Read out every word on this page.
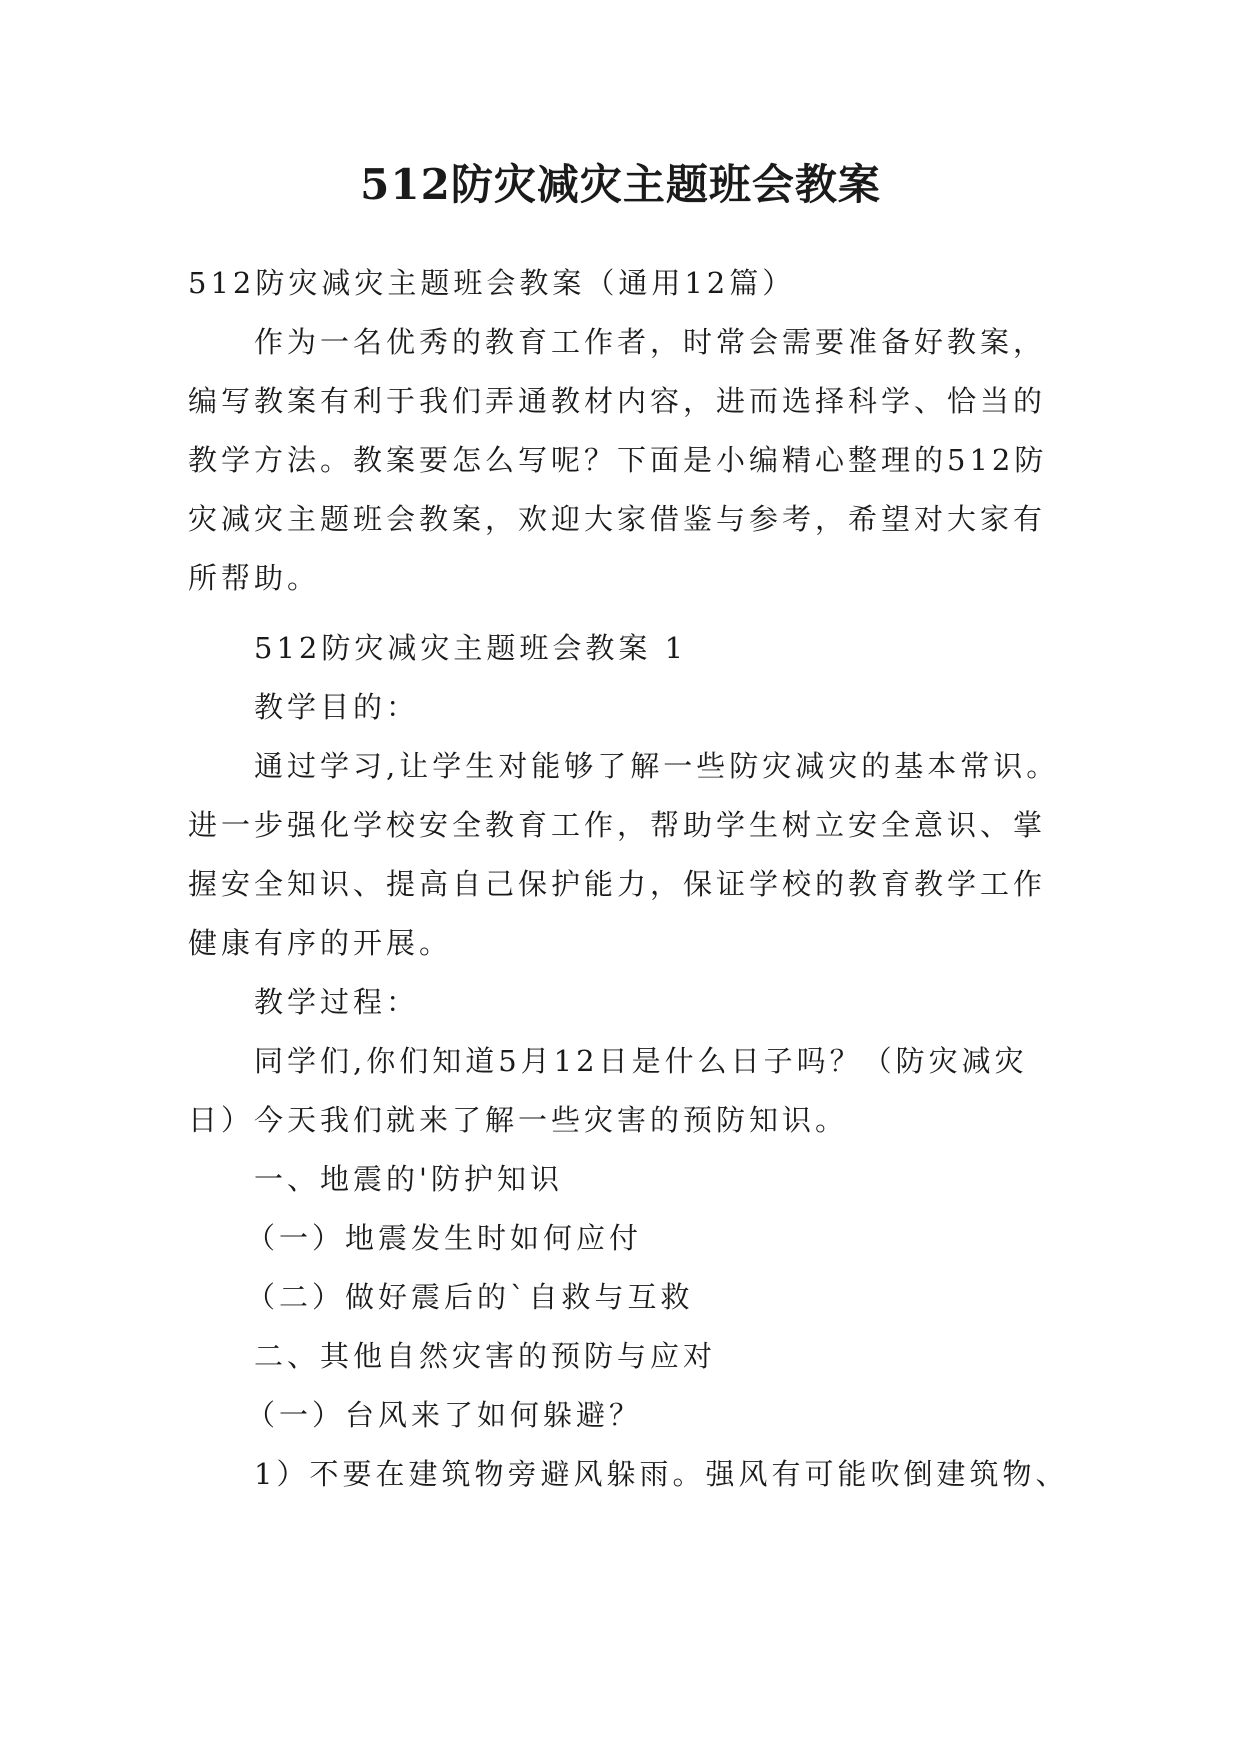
512防灾减灾主题班会教案

512防灾减灾主题班会教案（通用12篇）

作为一名优秀的教育工作者，时常会需要准备好教案，

编写教案有利于我们弄通教材内容，进而选择科学、恰当的

教学方法。教案要怎么写呢？下面是小编精心整理的512防

灾减灾主题班会教案，欢迎大家借鉴与参考，希望对大家有

所帮助。

512防灾减灾主题班会教案 1

教学目的：

通过学习,让学生对能够了解一些防灾减灾的基本常识。

进一步强化学校安全教育工作，帮助学生树立安全意识、掌

握安全知识、提高自己保护能力，保证学校的教育教学工作

健康有序的开展。

教学过程：

同学们,你们知道5月12日是什么日子吗？（防灾减灾

日）今天我们就来了解一些灾害的预防知识。

一、地震的'防护知识

（一）地震发生时如何应付

（二）做好震后的`自救与互救

二、其他自然灾害的预防与应对

（一）台风来了如何躲避？

1）不要在建筑物旁避风躲雨。强风有可能吹倒建筑物、
